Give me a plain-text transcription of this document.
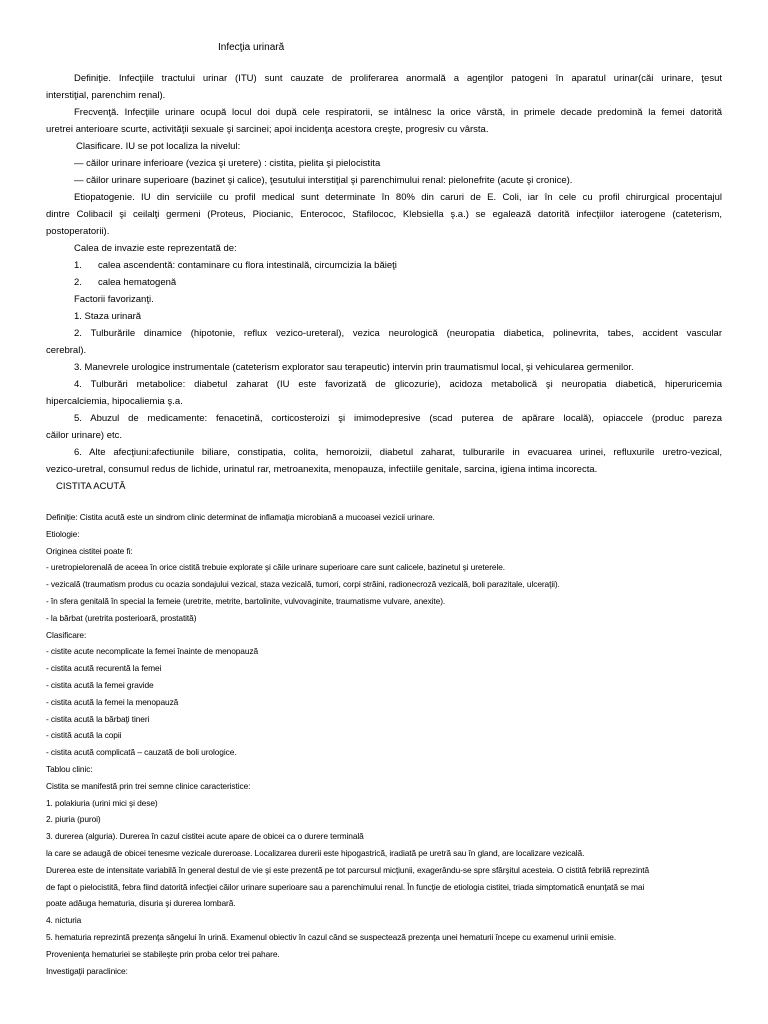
Infecţia urinară

Definiţie. Infecţiile tractului urinar (ITU) sunt cauzate de proliferarea anormală a agenţilor patogeni în aparatul urinar(căi urinare, ţesut

interstiţial, parenchim renal).

Frecvenţă. Infecţiile urinare ocupă locul doi după cele respiratorii, se intâlnesc la orice vârstă, in primele decade predomină la femei datorită

uretrei anterioare scurte, activităţii sexuale şi sarcinei; apoi incidenţa acestora creşte, progresiv cu vârsta.

Clasificare. IU se pot localiza la nivelul:

— căilor urinare inferioare (vezica şi uretere) : cistita, pielita şi pielocistita

— căilor urinare superioare (bazinet şi calice), ţesutului interstiţial şi parenchimului renal: pielonefrite (acute şi cronice).

Etiopatogenie. IU din serviciile cu profil medical sunt determinate în 80% din caruri de E. Coli, iar în cele cu profil chirurgical procentajul

dintre Colibacil şi ceilalţi germeni (Proteus, Piocianic, Enterococ, Stafilococ, Klebsiella ş.a.) se egalează datorită infecţiilor iaterogene (cateterism,

postoperatorii).

Calea de invazie este reprezentată de:

1. calea ascendentă: contaminare cu flora intestinală, circumcizia la băieţi

2. calea hematogenă

Factorii favorizanţi.

1. Staza urinară

2. Tulburările dinamice (hipotonie, reflux vezico-ureteral), vezica neurologică (neuropatia diabetica, polinevrita, tabes, accident vascular

cerebral).

3. Manevrele urologice instrumentale (cateterism explorator sau terapeutic) intervin prin traumatismul local, şi vehicularea germenilor.

4. Tulburări metabolice: diabetul zaharat (IU este favorizată de glicozurie), acidoza metabolică şi neuropatia diabetică, hiperuricemia

hipercalciemia, hipocaliemia ş.a.

5. Abuzul de medicamente: fenacetină, corticosteroizi şi imimodepresive (scad puterea de apărare locală), opiaccele (produc pareza

căilor urinare) etc.

6. Alte afecţiuni:afectiunile biliare, constipatia, colita, hemoroizii, diabetul zaharat, tulburarile in evacuarea urinei, refluxurile uretro-vezical,

vezico-uretral, consumul redus de lichide, urinatul rar, metroanexita, menopauza, infectiile genitale, sarcina, igiena intima incorecta.

CISTITA ACUTĂ

Definiţie: Cistita acută este un sindrom clinic determinat de inflamaţia microbiană a mucoasei vezicii urinare.

Etiologie:

Originea cistitei poate fi:

- uretropielorenală de aceea în orice cistită trebuie explorate şi căile urinare superioare care sunt calicele, bazinetul şi ureterele.

- vezicală (traumatism produs cu ocazia sondajului vezical, staza vezicală, tumori, corpi străini, radionecroză vezicală, boli parazitale, ulceraţii).

- în sfera genitală în special la femeie (uretrite, metrite, bartolinite, vulvovaginite, traumatisme vulvare, anexite).

- la bărbat (uretrita posterioară, prostatită)

Clasificare:

- cistite acute necomplicate la femei înainte de menopauză

- cistita acută recurentă la femei

- cistita acută la femei gravide

- cistita acută la femei la menopauză

- cistita acută la bărbaţi tineri

- cistită acută la copii

- cistita acută complicată – cauzată de boli urologice.

Tablou clinic:

Cistita se manifestă prin trei semne clinice caracteristice:

1. polakiuria (urini mici şi dese)

2. piuria (puroi)

3. durerea (alguria). Durerea în cazul cistitei acute apare de obicei ca o durere terminală

la care se adaugă de obicei tenesme vezicale dureroase. Localizarea durerii este hipogastrică, iradiată pe uretră sau în gland, are localizare vezicală.

Durerea este de intensitate variabilă în general destul de vie şi este prezentă pe tot parcursul micţiunii, exagerându-se spre sfârşitul acesteia. O cistită febrilă reprezintă

de fapt o pielocistită, febra fiind datorită infecţiei căilor urinare superioare sau a parenchimului renal. În funcţie de etiologia cistitei, triada simptomatică enunţată se mai

poate adăuga hematuria, disuria şi durerea lombară.

4. nicturia

5. hematuria reprezintă prezenţa sângelui în urină. Examenul obiectiv în cazul când se suspectează prezenţa unei hematurii începe cu examenul urinii emisie.

Provenienţa hematuriei se stabileşte prin proba celor trei pahare.

Investigaţii paraclinice:
